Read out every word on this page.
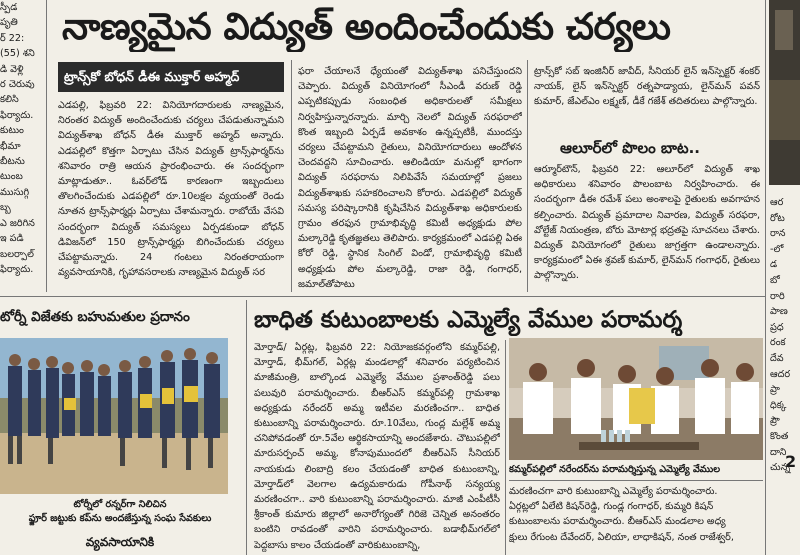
స్పీడ
పృతి
ర్ 22:
(55) శని
డి వెళ్లి
ర చెరువు
కలిసి
ఫిర్యాదు.
కుటుం
భీమా
బీటను
టుంబ
ముసుగ్గి
బ్బ
ఎ జరిగిన
ఇ పడి
బలర్పాల్
ఫిర్యాదు.
నాణ్యమైన విద్యుత్ అందించేందుకు చర్యలు
ట్రాన్స్‌కో బోధన్ డీఈ ముక్తార్ అహ్మద్
ఎడపల్లి, ఫిబ్రవరి 22: వినియోగదారులకు నాణ్యమైన, నిరంతర విద్యుత్ అందించేందుకు చర్యలు చేపడుతున్నామని విద్యుత్‌శాఖ బోధన్ డీఈ ముక్తార్ అహ్మద్ అన్నారు. ఎడపల్లిలో కొత్తగా ఏర్పాటు చేసిన విద్యుత్ ట్రాన్స్‌ఫార్మర్‌ను శనివారం రాత్రి ఆయన ప్రారంభించారు. ఈ సందర్భంగా మాట్లాడుతూ.. ఓవర్‌లోడ్ కారణంగా ఇబ్బందులు తొలగించేందుకు ఎడపల్లిలో రూ.10లక్షల వ్యయంతో రెండు నూతన ట్రాన్స్‌ఫార్మర్లు ఏర్పాటు చేశామన్నారు. రాబోయే వేసవి సందర్భంగా విద్యుత్ సమస్యలు ఏర్పడకుండా బోధన్ డివిజన్‌లో 150 ట్రాన్స్‌ఫార్మర్లు బిగించేందుకు చర్యలు చేపట్టామన్నారు. 24 గంటలు నిరంతరాయంగా వ్యవసాయానికి, గృహావసరాలకు నాణ్యమైన విద్యుత్ సర
ఫరా చేయాలనే ధ్యేయంతో విద్యుత్‌శాఖ పనిచేస్తుందని చెప్పారు. విద్యుత్ వినియోగంలో సీఎండీ వరుణ్ రెడ్డి ఎప్పటికప్పుడు సంబంధిత అధికారులతో సమీక్షలు నిర్వహిస్తున్నారన్నారు. మార్చి నెలలో విద్యుత్ సరఫరాలో కొంత ఇబ్బంది ఏర్పడే అవకాశం ఉన్నప్పటికీ, ముందస్తు చర్యలు చేపట్టామని రైతులు, వినియోగదారులు ఆందోళన చెందవద్దని సూచించారు. ఆలిండియా మనుల్లో భాగంగా విద్యుత్ సరఫరాను నిలిపివేసే సమయాల్లో ప్రజలు విద్యుత్‌శాఖకు సహకరించాలని కోరారు. ఎడపల్లిలో విద్యుత్ సమస్య పరిష్కారానికి కృషిచేసిన విద్యుత్‌శాఖ అధికారులకు గ్రామం తరఫున గ్రామాభివృద్ధి కమిటీ అధ్యక్షుడు పోల మల్కారెడ్డి కృతజ్ఞతలు తెలిపారు. కార్యక్రమంలో ఎడపల్లి ఏఈ కోరో రెడ్డి, స్థానిక సింగిల్ విండో, గ్రామాభివృద్ధి కమిటీ అధ్యక్షుడు పోల మల్కారెడ్డి, రాజా రెడ్డి, గంగాధర్, జమాల్‌తోపాటు
ట్రాన్స్‌కో సబ్ ఇంజినీర్ జావీద్, సీనియర్ లైన్ ఇన్‌స్పెక్టర్ శంకర్ నాయక్, లైన్ ఇన్‌స్పెక్టర్ రత్నపాడ్యాయ, లైన్‌మన్ పవన్ కుమార్, జేఎల్‌ఎం లక్ష్మణ్, డీకే గజేశ్ తదితరులు పాల్గొన్నారు.
ఆలూర్‌లో పొలం బాట..
ఆర్మూర్‌టౌన్, ఫిబ్రవరి 22: ఆలూర్‌లో విద్యుత్ శాఖ అధికారులు శనివారం పొలంబాట నిర్వహించారు. ఈ సందర్భంగా డీఈ రమేశ్ పలు అంశాలపై రైతులకు అవగాహన కల్పించారు. విద్యుత్ ప్రమాదాల నివారణ, విద్యుత్ సరఫరా, వోల్టేజ్ నియంత్రణ, బోరు మోటార్ల భద్రతపై సూచనలు చేశారు. విద్యుత్ వినియోగంలో రైతులు జాగ్రత్తగా ఉండాలన్నారు. కార్యక్రమంలో ఏఈ శ్రవణ్ కుమార్, లైన్‌మన్ గంగాధర్, రైతులు పాల్గొన్నారు.
ఆర
రోట
రాన
-లో
డ
బో
రారి
పాణ
ప్రధ
రంక
దేవ
ఆదర
ప్రా
ధిక్క
ప్రౌ
కొంత
దాని
చున్న
టోర్నీ విజేతకు బహుమతుల ప్రదానం
టోర్నీలో రన్నర్‌గా నిలిచిన
ఫ్జూర్ జట్టుకు కప్‌ను అందజేస్తున్న సంఘ సేవకులు
వ్యవసాయానికి
బాధిత కుటుంబాలకు ఎమ్మెల్యే వేముల పరామర్శ
మోర్తాడ్/ ఏర్గట్ల, ఫిబ్రవరి 22: నియోజకవర్గంలోని కమ్మర్‌పల్లి, మోర్తాడ్, భీమ్‌గల్, ఏర్గట్ల మండలాల్లో శనివారం పర్యటించిన మాజీమంత్రి, బాల్కొండ ఎమ్మెల్యే వేముల ప్రశాంత్‌రెడ్డి పలు పలువురి పరామర్శించారు. బీఆర్‌ఎస్ కమ్మర్‌పల్లి గ్రామశాఖ అధ్యక్షుడు నరేందర్ అమ్మ ఇటీవల మరణించగా.. బాధిత కుటుంబాన్ని పరామర్శించారు. రూ.10వేలు, గుంద్ల మల్లేశ్ అమ్మ చనిపోవడంతో రూ.5వేల ఆర్థికసాయాన్ని అందజేశారు. చౌటుపల్లిలో మారుసర్పంచ్ అమ్మ, కోనాపుముందలో బీఆర్‌ఎస్ సీనియర్ నాయకుడు లింబాద్రి కలం చేయడంతో బాధిత కుటుంబాన్ని, మోర్తాడ్‌లో వెలగాల ఉద్యమకారుడు గోపీనాథ్ సన్యయ్య మరణించగా.. వారి కుటుంబాన్ని పరామర్శించారు. మాజీ ఎంపీటీసీ శ్రీకాంత్ కుమారు జిల్లాలో అనారోగ్యంతో గిరిజె చెన్నిత అనంతరం బంటిని రావడంతో వారిని పరామర్శించారు. బడాభీమ్‌గల్‌లో పెద్దబాసు కాలం చేయడంతో వారికుటుంబాన్ని,
కమ్మర్‌పల్లిలో నరేందర్‌ను పరామర్శిస్తున్న ఎమ్మెల్యే వేముల
మరణించగా వారి కుటుంబాన్ని ఎమ్మెల్యే పరామర్శించారు.
ఏర్గట్లలో ఏలేటి కిషన్‌రెడ్డి, గుండ్ల గంగాధర్, కుమ్మరి కిషన్
కుటుంబాలను పరామర్శించారు. బీఆర్‌ఎస్ మండలాల అధ్య
క్షులు రేగుంట దేవేందర్, ఏలియా, లాధాకిషన్, నంత రాజేశ్వర్,
2
